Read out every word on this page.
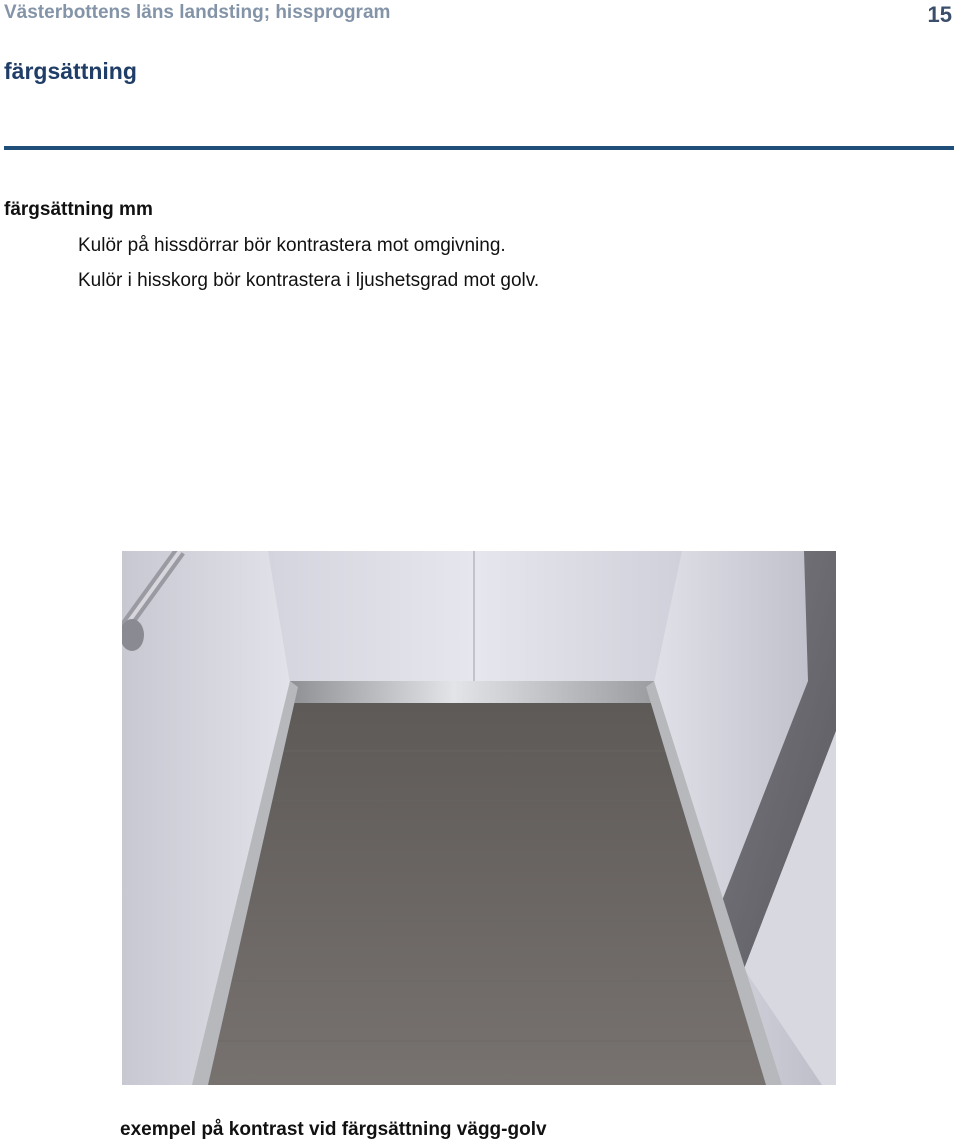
Västerbottens läns landsting; hissprogram	15
färgsättning
färgsättning mm
Kulör på hissdörrar bör kontrastera mot omgivning.
Kulör i hisskorg bör kontrastera i ljushetsgrad mot golv.
exempel på kontrast vid färgsättning vägg-golv
